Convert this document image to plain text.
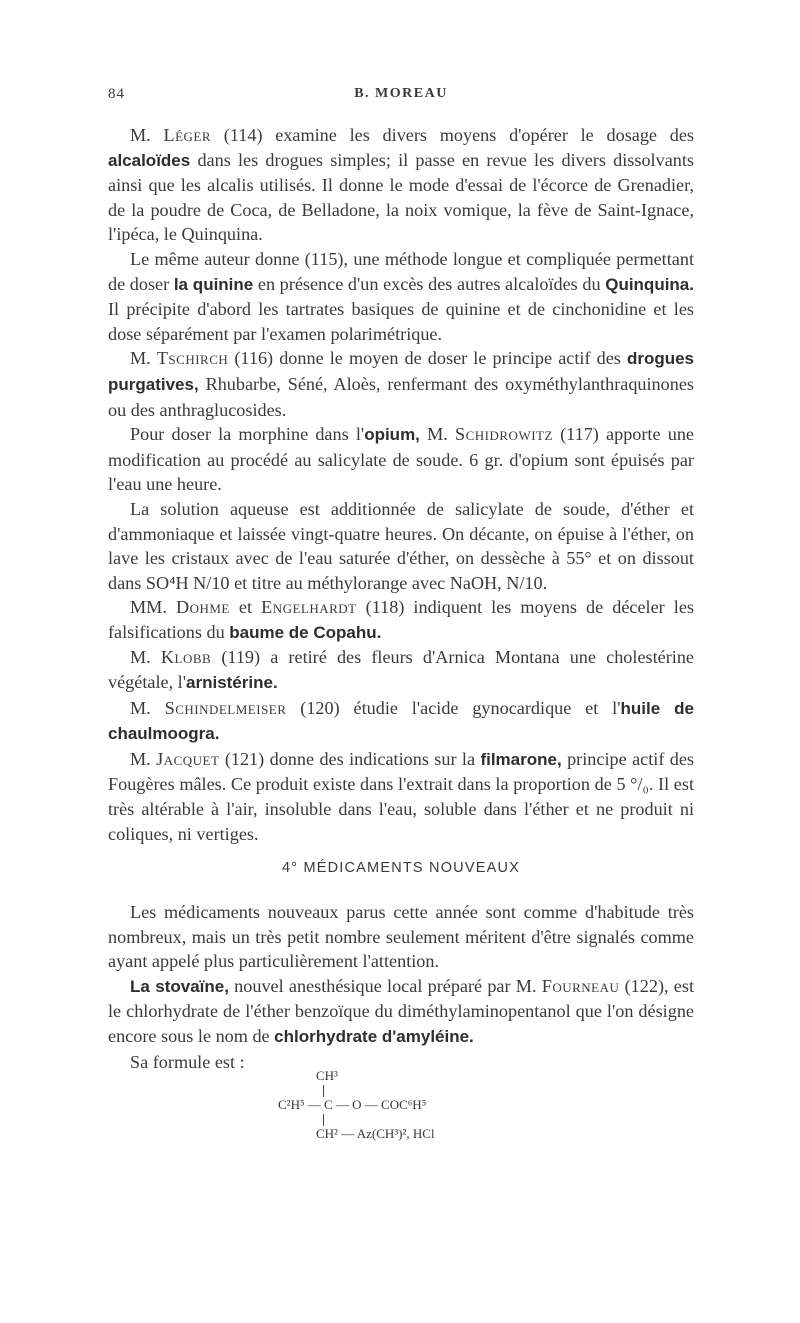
84	B. MOREAU

M. Léger (114) examine les divers moyens d'opérer le dosage des alcaloïdes dans les drogues simples; il passe en revue les divers dissolvants ainsi que les alcalis utilisés. Il donne le mode d'essai de l'écorce de Grenadier, de la poudre de Coca, de Belladone, la noix vomique, la fève de Saint-Ignace, l'ipéca, le Quinquina.

Le même auteur donne (115), une méthode longue et compliquée permettant de doser la quinine en présence d'un excès des autres alcaloïdes du Quinquina. Il précipite d'abord les tartrates basiques de quinine et de cinchonidine et les dose séparément par l'examen polarimétrique.

M. Tschirch (116) donne le moyen de doser le principe actif des drogues purgatives, Rhubarbe, Séné, Aloès, renfermant des oxyméthylanthraquinones ou des anthraglucosides.

Pour doser la morphine dans l'opium, M. Schidrowitz (117) apporte une modification au procédé au salicylate de soude. 6 gr. d'opium sont épuisés par l'eau une heure.

La solution aqueuse est additionnée de salicylate de soude, d'éther et d'ammoniaque et laissée vingt-quatre heures. On décante, on épuise à l'éther, on lave les cristaux avec de l'eau saturée d'éther, on dessèche à 55° et on dissout dans SO⁴H N/10 et titre au méthylorange avec NaOH, N/10.

MM. Dohme et Engelhardt (118) indiquent les moyens de déceler les falsifications du baume de Copahu.

M. Klobb (119) a retiré des fleurs d'Arnica Montana une cholestérine végétale, l'arnistérine.

M. Schindelmeiser (120) étudie l'acide gynocardique et l'huile de chaulmoogra.

M. Jacquet (121) donne des indications sur la filmarone, principe actif des Fougères mâles. Ce produit existe dans l'extrait dans la proportion de 5 °/₀. Il est très altérable à l'air, insoluble dans l'eau, soluble dans l'éther et ne produit ni coliques, ni vertiges.

4° MÉDICAMENTS NOUVEAUX

Les médicaments nouveaux parus cette année sont comme d'habitude très nombreux, mais un très petit nombre seulement méritent d'être signalés comme ayant appelé plus particulièrement l'attention.

La stovaïne, nouvel anesthésique local préparé par M. Fourneau (122), est le chlorhydrate de l'éther benzoïque du diméthylaminopentanol que l'on désigne encore sous le nom de chlorhydrate d'amyléine.

Sa formule est :

CH³
C²H⁵ — C — O — COC⁶H⁵
CH² — Az(CH³)², HCl
